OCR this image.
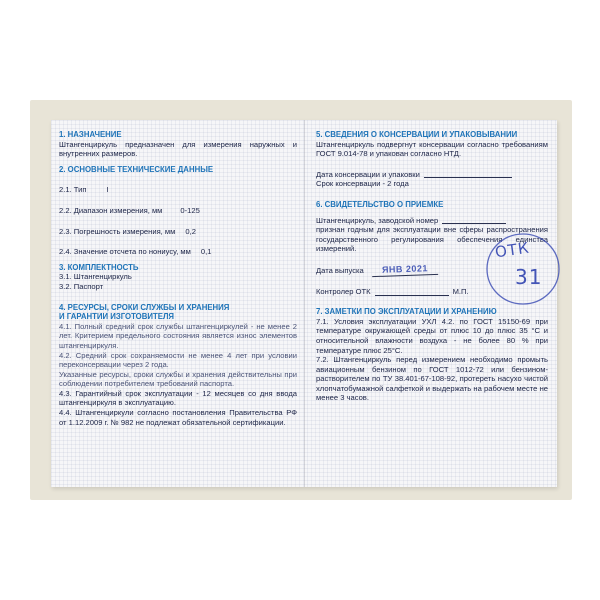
1. НАЗНАЧЕНИЕ

Штангенциркуль предназначен для измерения наружных и внутренних размеров.

2. ОСНОВНЫЕ ТЕХНИЧЕСКИЕ ДАННЫЕ

2.1. Тип	I
2.2. Диапазон измерения, мм 0-125
2.3. Погрешность измерения, мм 0,2
2.4. Значение отсчета по нониусу, мм 0,1

3. КОМПЛЕКТНОСТЬ

3.1. Штангенциркуль

3.2. Паспорт

4. РЕСУРСЫ, СРОКИ СЛУЖБЫ И ХРАНЕНИЯ

И ГАРАНТИИ ИЗГОТОВИТЕЛЯ

4.1. Полный средний срок службы штангенциркулей - не менее 2 лет. Критерием предельного состояния является износ элементов штангенциркуля.

4.2. Средний срок сохраняемости не менее 4 лет при условии переконсервации через 2 года.

Указанные ресурсы, сроки службы и хранения действительны при соблюдении потребителем требований паспорта.

4.3. Гарантийный срок эксплуатации - 12 месяцев со дня ввода штангенциркуля в эксплуатацию.

4.4. Штангенциркули согласно постановления Правительства РФ от 1.12.2009 г. № 982 не подлежат обязательной сертификации.

5. СВЕДЕНИЯ О КОНСЕРВАЦИИ И УПАКОВЫВАНИИ

Штангенциркуль подвергнут консервации согласно требованиям ГОСТ 9.014-78 и упакован согласно НТД.

Дата консервации и упаковки

Срок консервации - 2 года

6. СВИДЕТЕЛЬСТВО О ПРИЕМКЕ

Штангенциркуль, заводской номер

признан годным для эксплуатации вне сферы распространения государственного регулирования обеспечения единства измерений.

Дата выпуска	ЯНВ 2021
Контролер ОТК	М.П.

7. ЗАМЕТКИ ПО ЭКСПЛУАТАЦИИ И ХРАНЕНИЮ

7.1. Условия эксплуатации УХЛ 4.2. по ГОСТ 15150-69 при температуре окружающей среды от плюс 10 до плюс 35 °С и относительной влажности воздуха - не более 80 % при температуре плюс 25°С.

7.2. Штангенциркуль перед измерением необходимо промыть авиационным бензином по ГОСТ 1012-72 или бензином-растворителем по ТУ 38.401-67-108-92, протереть насухо чистой хлопчатобумажной салфеткой и выдержать на рабочем месте не менее 3 часов.

ОТК
31
